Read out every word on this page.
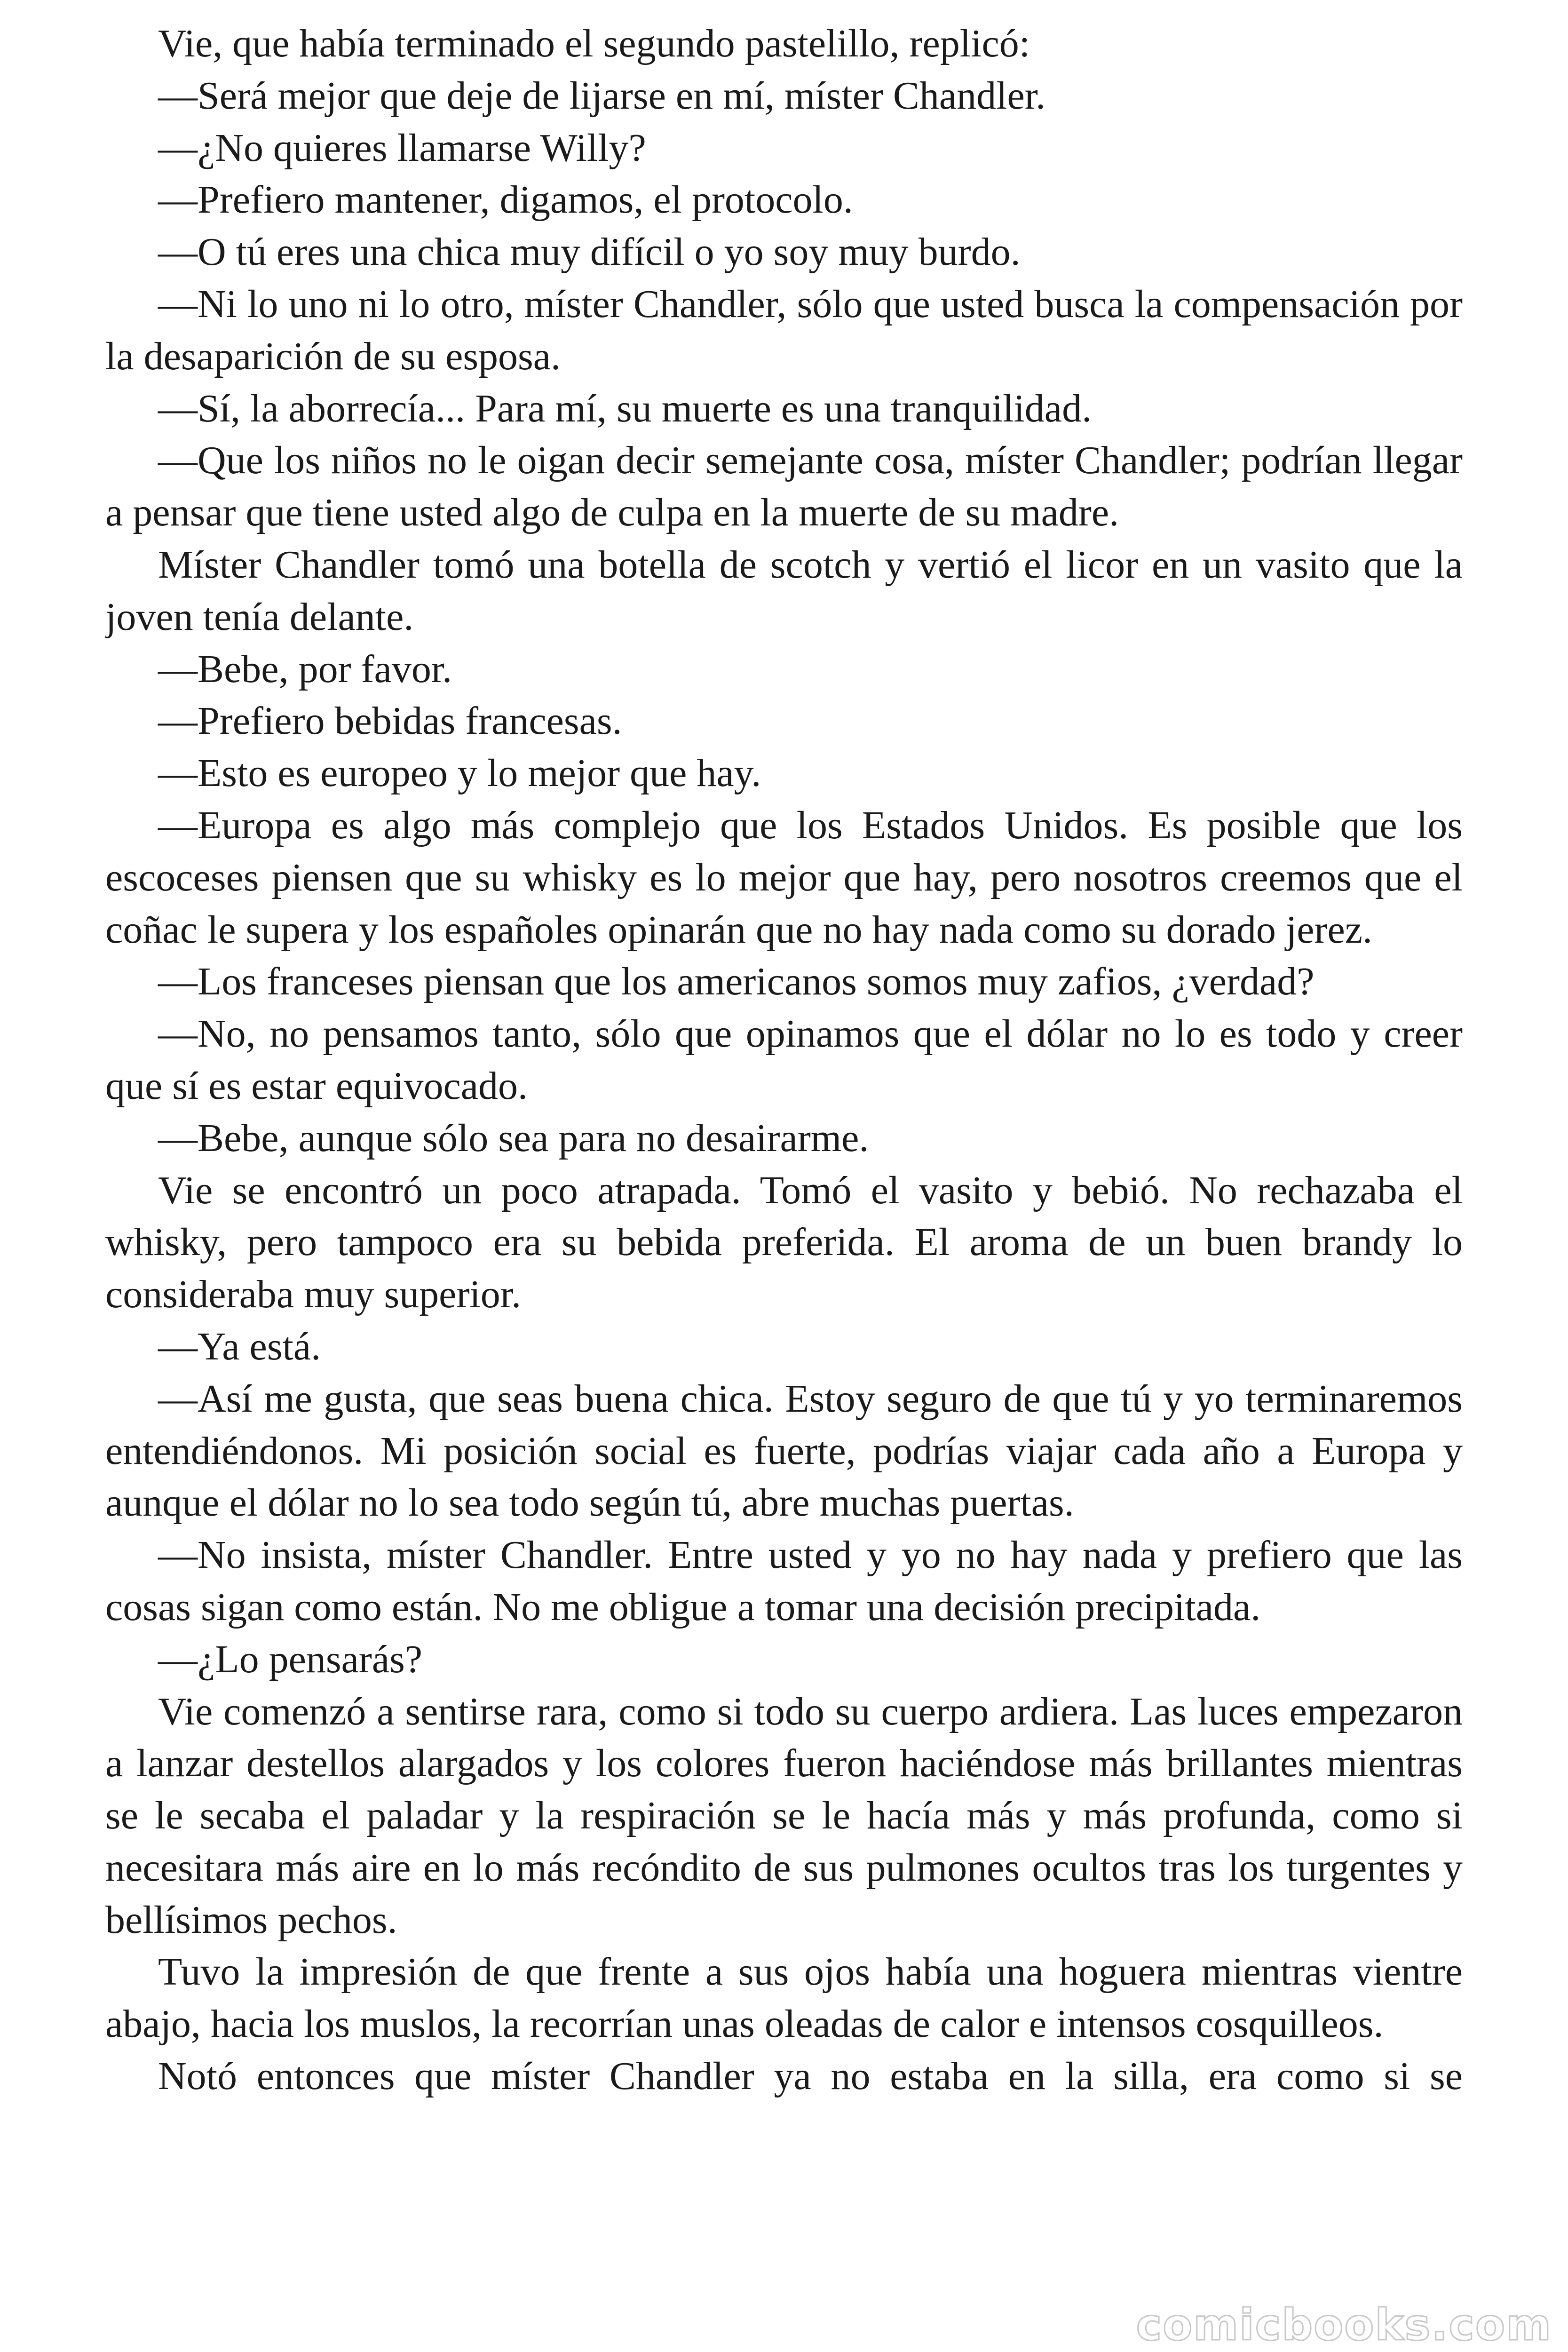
Vie, que había terminado el segundo pastelillo, replicó:

—Será mejor que deje de lijarse en mí, míster Chandler.

—¿No quieres llamarse Willy?

—Prefiero mantener, digamos, el protocolo.

—O tú eres una chica muy difícil o yo soy muy burdo.

—Ni lo uno ni lo otro, míster Chandler, sólo que usted busca la compensación por la desaparición de su esposa.

—Sí, la aborrecía... Para mí, su muerte es una tranquilidad.

—Que los niños no le oigan decir semejante cosa, míster Chandler; podrían llegar a pensar que tiene usted algo de culpa en la muerte de su madre.

Míster Chandler tomó una botella de scotch y vertió el licor en un vasito que la joven tenía delante.

—Bebe, por favor.

—Prefiero bebidas francesas.

—Esto es europeo y lo mejor que hay.

—Europa es algo más complejo que los Estados Unidos. Es posible que los escoceses piensen que su whisky es lo mejor que hay, pero nosotros creemos que el coñac le supera y los españoles opinarán que no hay nada como su dorado jerez.

—Los franceses piensan que los americanos somos muy zafios, ¿verdad?

—No, no pensamos tanto, sólo que opinamos que el dólar no lo es todo y creer que sí es estar equivocado.

—Bebe, aunque sólo sea para no desairarme.

Vie se encontró un poco atrapada. Tomó el vasito y bebió. No rechazaba el whisky, pero tampoco era su bebida preferida. El aroma de un buen brandy lo consideraba muy superior.

—Ya está.

—Así me gusta, que seas buena chica. Estoy seguro de que tú y yo terminaremos entendiéndonos. Mi posición social es fuerte, podrías viajar cada año a Europa y aunque el dólar no lo sea todo según tú, abre muchas puertas.

—No insista, míster Chandler. Entre usted y yo no hay nada y prefiero que las cosas sigan como están. No me obligue a tomar una decisión precipitada.

—¿Lo pensarás?

Vie comenzó a sentirse rara, como si todo su cuerpo ardiera. Las luces empezaron a lanzar destellos alargados y los colores fueron haciéndose más brillantes mientras se le secaba el paladar y la respiración se le hacía más y más profunda, como si necesitara más aire en lo más recóndito de sus pulmones ocultos tras los turgentes y bellísimos pechos.

Tuvo la impresión de que frente a sus ojos había una hoguera mientras vientre abajo, hacia los muslos, la recorrían unas oleadas de calor e intensos cosquilleos.

Notó entonces que míster Chandler ya no estaba en la silla, era como si se

comicbooks.com
